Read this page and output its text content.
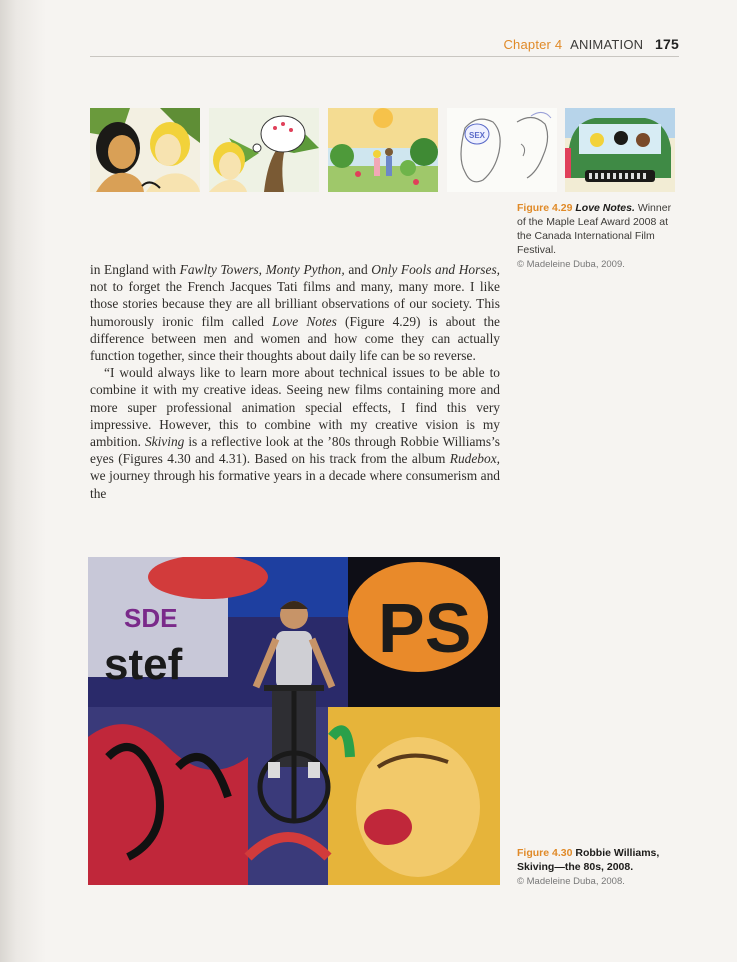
Chapter 4 ANIMATION 175
SEX
Figure 4.29 Love Notes. Winner of the Maple Leaf Award 2008 at the Canada International Film Festival.
© Madeleine Duba, 2009.

in England with Fawlty Towers, Monty Python, and Only Fools and Horses, not to forget the French Jacques Tati films and many, many more. I like those stories because they are all brilliant observations of our society. This humorously ironic film called Love Notes (Figure 4.29) is about the difference between men and women and how come they can actually function together, since their thoughts about daily life can be so reverse.

“I would always like to learn more about technical issues to be able to combine it with my creative ideas. Seeing new films containing more and more super professional animation special effects, I find this very impressive. However, this to combine with my creative vision is my ambition. Skiving is a reflective look at the ’80s through Robbie Williams’s eyes (Figures 4.30 and 4.31). Based on his track from the album Rudebox, we journey through his formative years in a decade where consumerism and the

PS
SDE
stef
Figure 4.30 Robbie Williams, Skiving—the 80s, 2008.
© Madeleine Duba, 2008.
